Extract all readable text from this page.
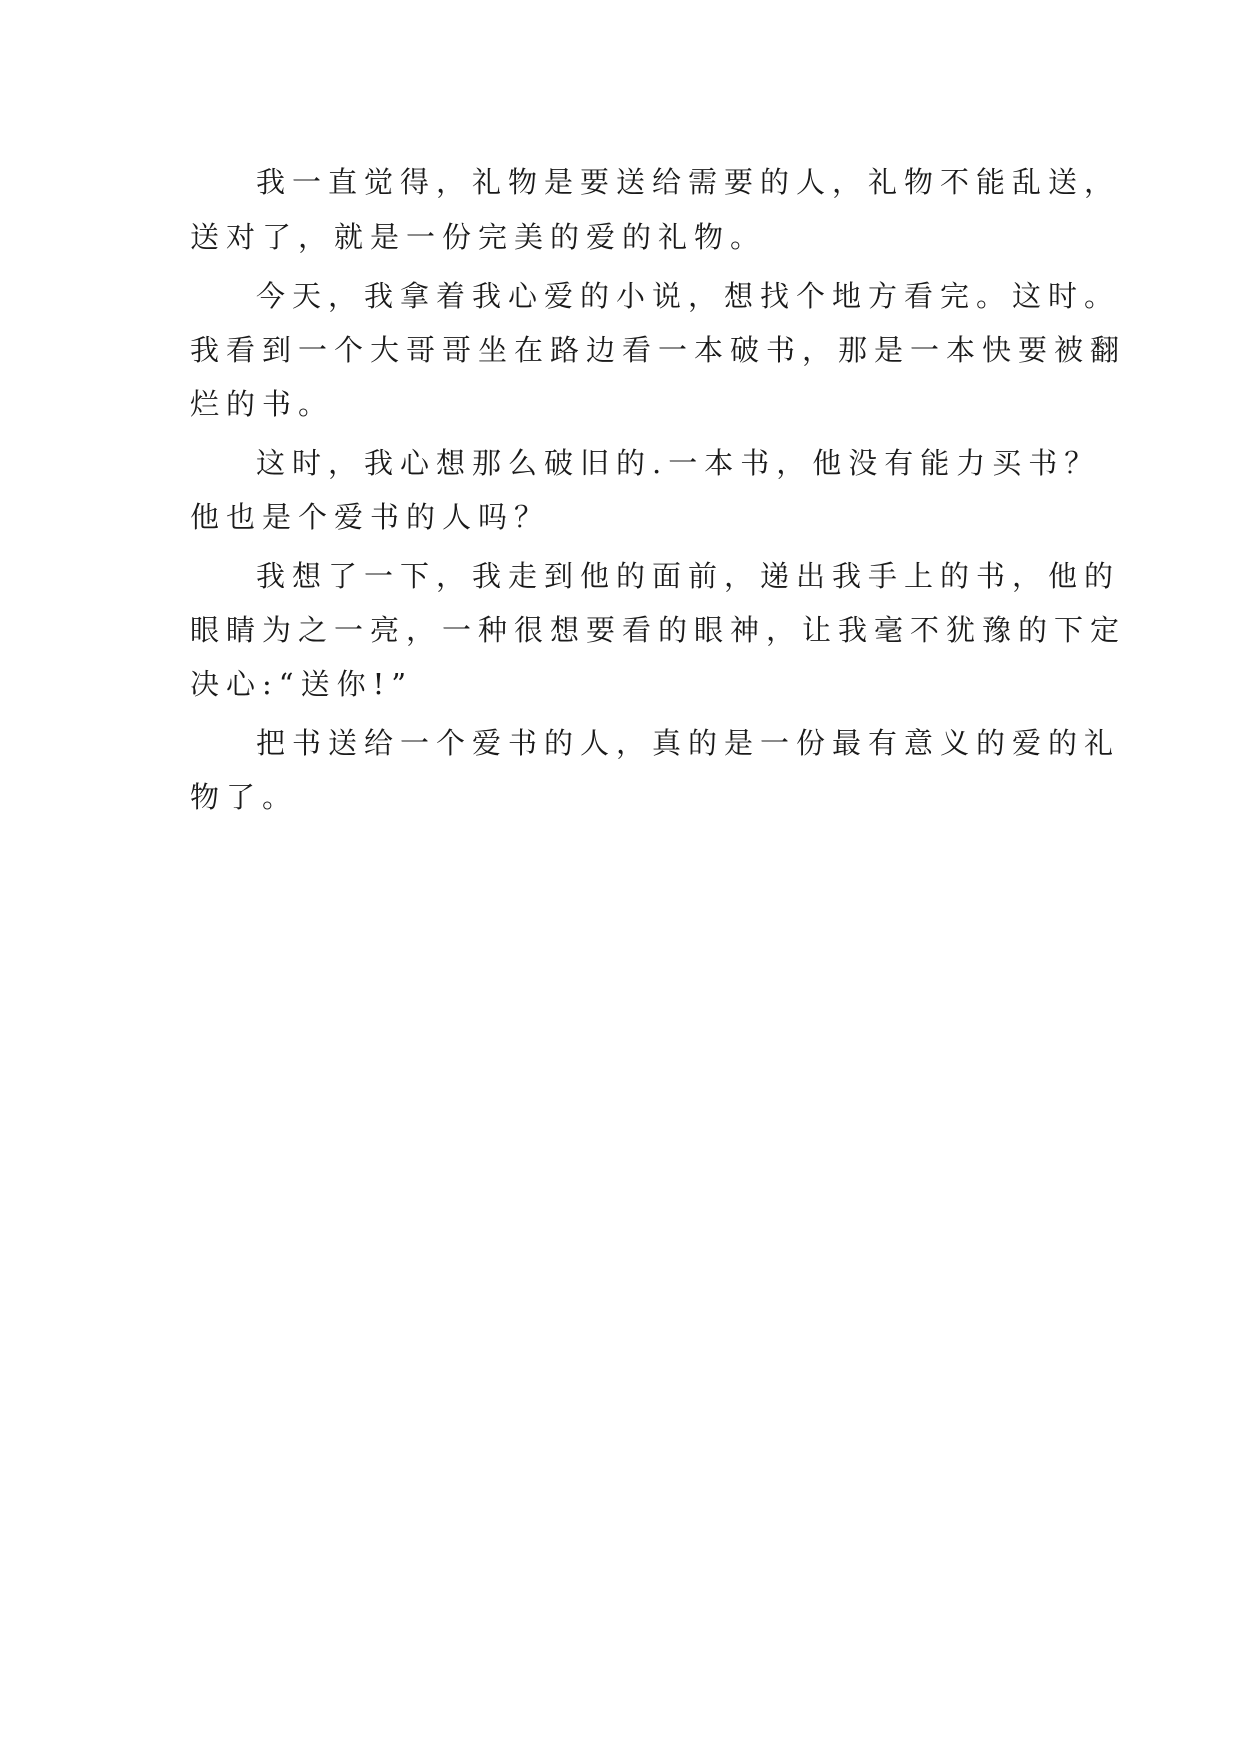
我一直觉得，礼物是要送给需要的人，礼物不能乱送，
送对了，就是一份完美的爱的礼物。
今天，我拿着我心爱的小说，想找个地方看完。这时。
我看到一个大哥哥坐在路边看一本破书，那是一本快要被翻
烂的书。
这时，我心想那么破旧的.一本书，他没有能力买书？
他也是个爱书的人吗？
我想了一下，我走到他的面前，递出我手上的书，他的
眼睛为之一亮，一种很想要看的眼神，让我毫不犹豫的下定
决心:“送你!”
把书送给一个爱书的人，真的是一份最有意义的爱的礼
物了。
